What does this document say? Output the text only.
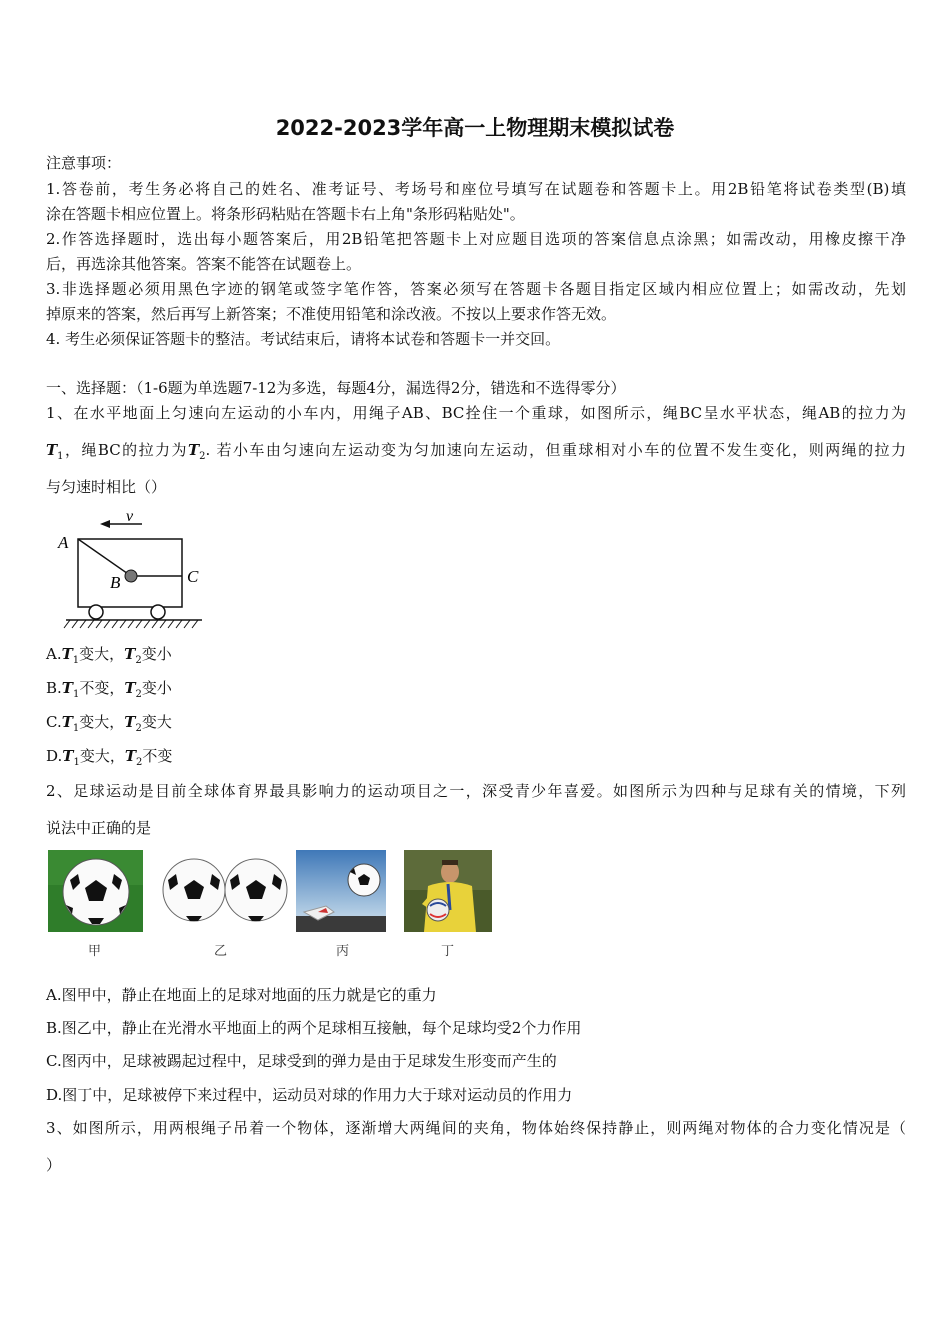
2022-2023学年高一上物理期末模拟试卷
注意事项：
1.答卷前，考生务必将自己的姓名、准考证号、考场号和座位号填写在试题卷和答题卡上。用2B铅笔将试卷类型(B)填
涂在答题卡相应位置上。将条形码粘贴在答题卡右上角"条形码粘贴处"。
2.作答选择题时，选出每小题答案后，用2B铅笔把答题卡上对应题目选项的答案信息点涂黑；如需改动，用橡皮擦干净
后，再选涂其他答案。答案不能答在试题卷上。
3.非选择题必须用黑色字迹的钢笔或签字笔作答，答案必须写在答题卡各题目指定区域内相应位置上；如需改动，先划
掉原来的答案，然后再写上新答案；不准使用铅笔和涂改液。不按以上要求作答无效。
4. 考生必须保证答题卡的整洁。考试结束后，请将本试卷和答题卡一并交回。
一、选择题：（1-6题为单选题7-12为多选，每题4分，漏选得2分，错选和不选得零分）
1、在水平地面上匀速向左运动的小车内，用绳子AB、BC拴住一个重球，如图所示，绳BC呈水平状态，绳AB的拉力为
$T_1$，绳BC的拉力为$T_2$. 若小车由匀速向左运动变为匀加速向左运动，但重球相对小车的位置不发生变化，则两绳的拉力
与匀速时相比（）
v
A
B	C
$A.T_1$变大，$T_2$变小
$B.T_1$不变，$T_2$变小
$C.T_1$变大，$T_2$变大
$D.T_1$变大，$T_2$不变
2、足球运动是目前全球体育界最具影响力的运动项目之一，深受青少年喜爱。如图所示为四种与足球有关的情境，下列
说法中正确的是
甲	乙	丙	丁
A.图甲中，静止在地面上的足球对地面的压力就是它的重力
B.图乙中，静止在光滑水平地面上的两个足球相互接触，每个足球均受2个力作用
C.图丙中，足球被踢起过程中，足球受到的弹力是由于足球发生形变而产生的
D.图丁中，足球被停下来过程中，运动员对球的作用力大于球对运动员的作用力
3、如图所示，用两根绳子吊着一个物体，逐渐增大两绳间的夹角，物体始终保持静止，则两绳对物体的合力变化情况是（
）
